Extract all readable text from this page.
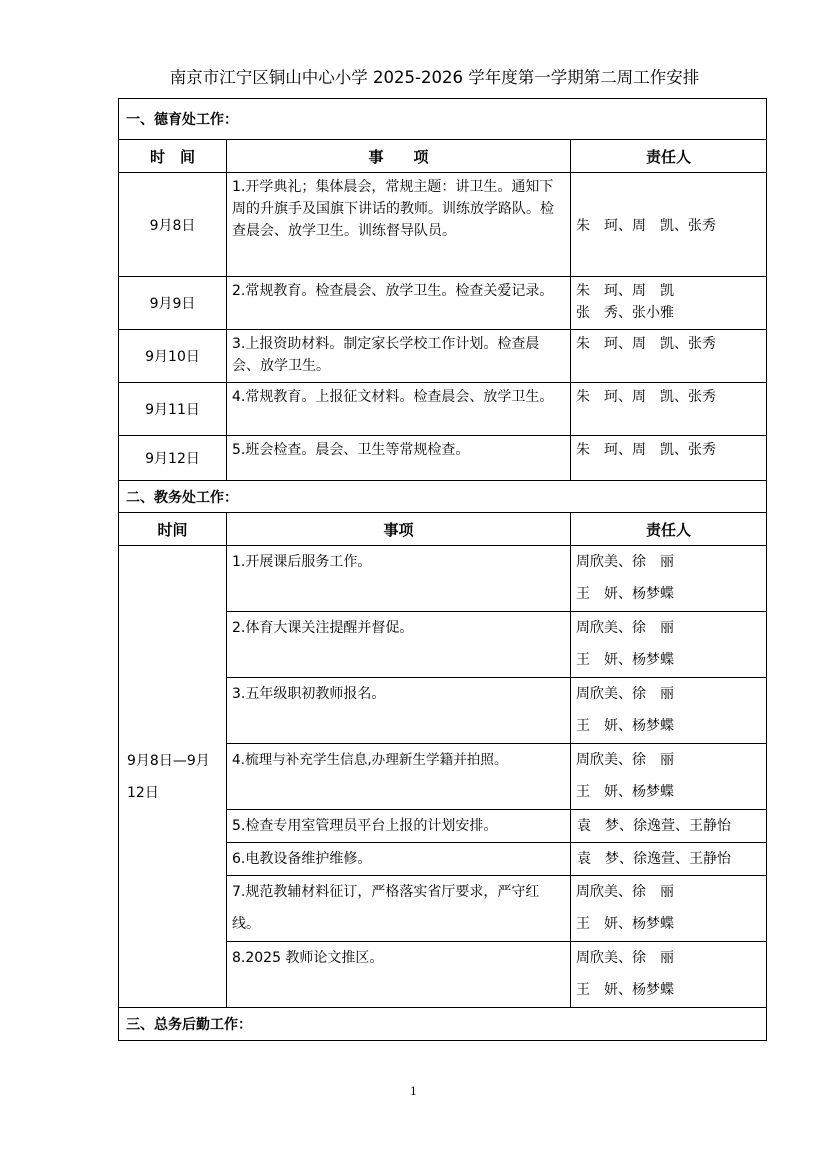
南京市江宁区铜山中心小学 2025-2026 学年度第一学期第二周工作安排
一、德育处工作：		
时　间	事　　项	责任人
9月8日	1.开学典礼；集体晨会，常规主题：讲卫生。通知下周的升旗手及国旗下讲话的教师。训练放学路队。检查晨会、放学卫生。训练督导队员。	朱　珂、周　凯、张秀
9月9日	2.常规教育。检查晨会、放学卫生。检查关爱记录。	朱　珂、周　凯
张　秀、张小雅
9月10日	3.上报资助材料。制定家长学校工作计划。检查晨会、放学卫生。	朱　珂、周　凯、张秀
9月11日	4.常规教育。上报征文材料。检查晨会、放学卫生。	朱　珂、周　凯、张秀
9月12日	5.班会检查。晨会、卫生等常规检查。	朱　珂、周　凯、张秀
二、教务处工作：		
时间	事项	责任人
9月8日—9月12日	1.开展课后服务工作。	周欣美、徐　丽
王　妍、杨梦蝶
	2.体育大课关注提醒并督促。	周欣美、徐　丽
王　妍、杨梦蝶
	3.五年级职初教师报名。	周欣美、徐　丽
王　妍、杨梦蝶
	4.梳理与补充学生信息,办理新生学籍并拍照。	周欣美、徐　丽
王　妍、杨梦蝶
	5.检查专用室管理员平台上报的计划安排。	袁　梦、徐逸萱、王静怡
	6.电教设备维护维修。	袁　梦、徐逸萱、王静怡
	7.规范教辅材料征订，严格落实省厅要求，严守红线。	周欣美、徐　丽
王　妍、杨梦蝶
	8.2025 教师论文推区。	周欣美、徐　丽
王　妍、杨梦蝶
三、总务后勤工作：		
1
